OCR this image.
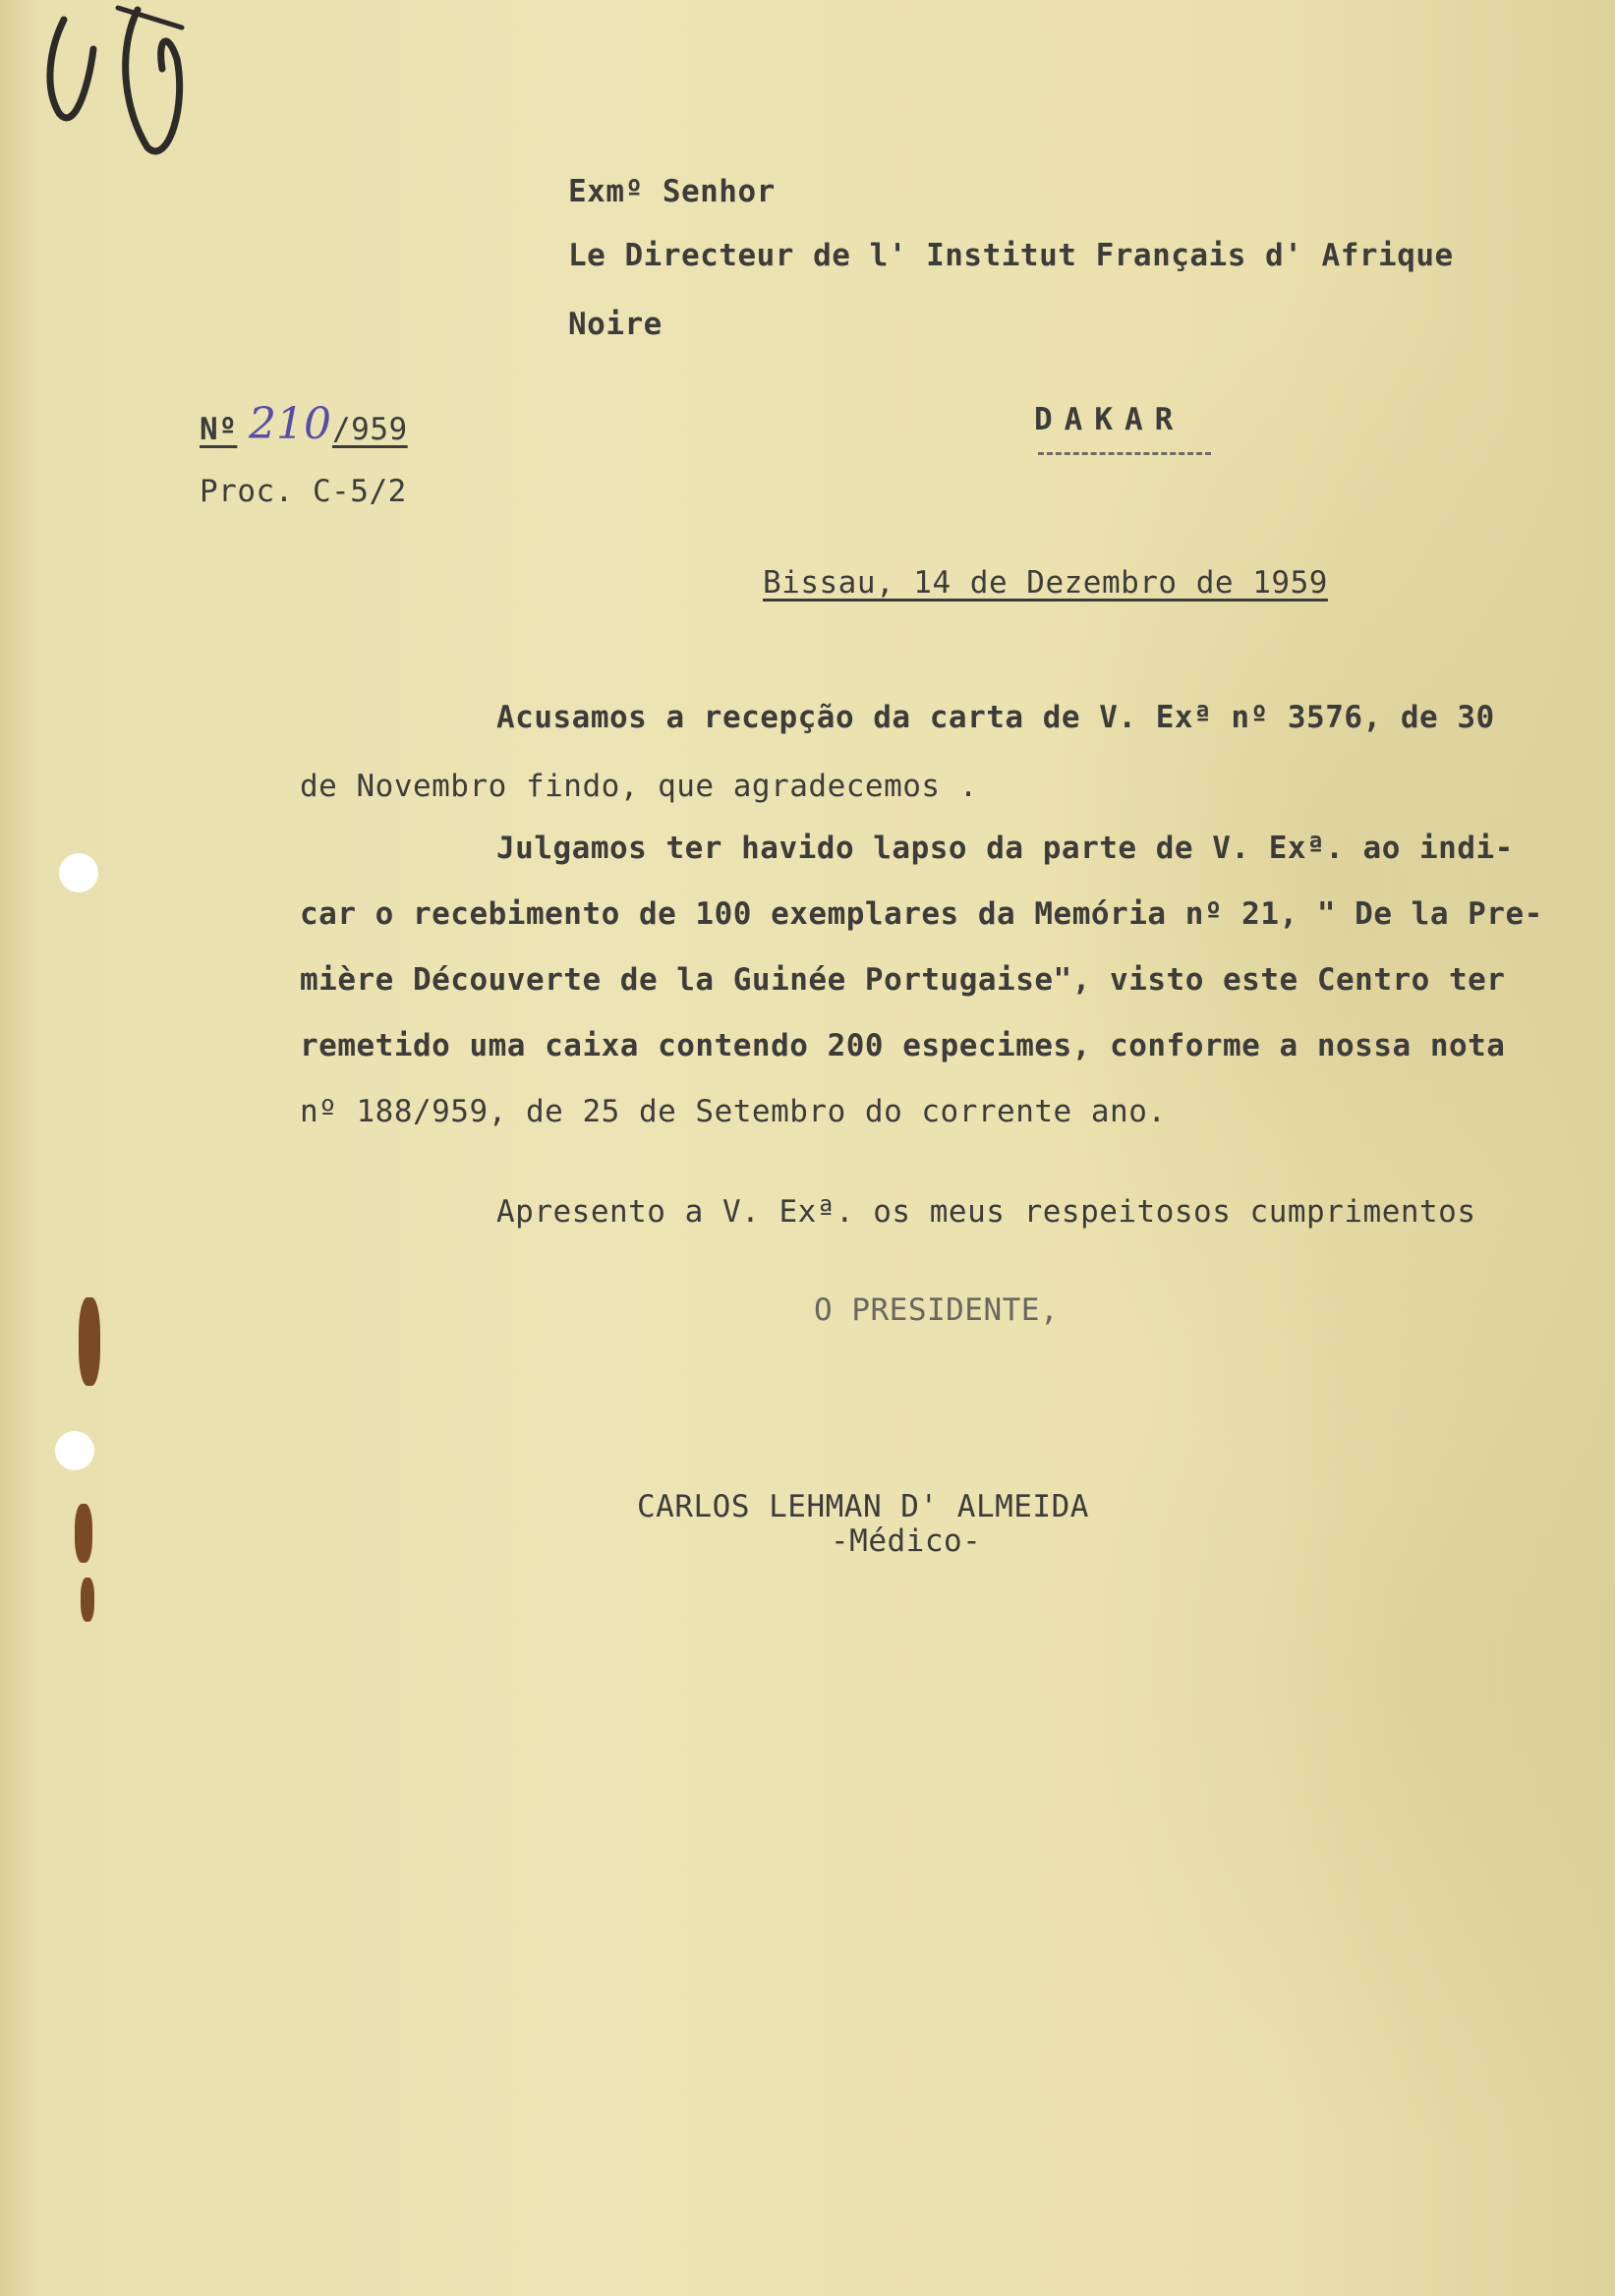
Exmº Senhor
Le Directeur de l' Institut Français d' Afrique
Noire
DAKAR
Nº 210 /959
Proc. C-5/2
Bissau, 14 de Dezembro de 1959
Acusamos a recepção da carta de V. Exª nº 3576, de 30
de Novembro findo, que agradecemos .
Julgamos ter havido lapso da parte de V. Exª. ao indi-
car o recebimento de 100 exemplares da Memória nº 21, " De la Pre-
mière Découverte de la Guinée Portugaise", visto este Centro ter
remetido uma caixa contendo 200 especimes, conforme a nossa nota
nº 188/959, de 25 de Setembro do corrente ano.
Apresento a V. Exª. os meus respeitosos cumprimentos
O PRESIDENTE,
CARLOS LEHMAN D' ALMEIDA
-Médico-
